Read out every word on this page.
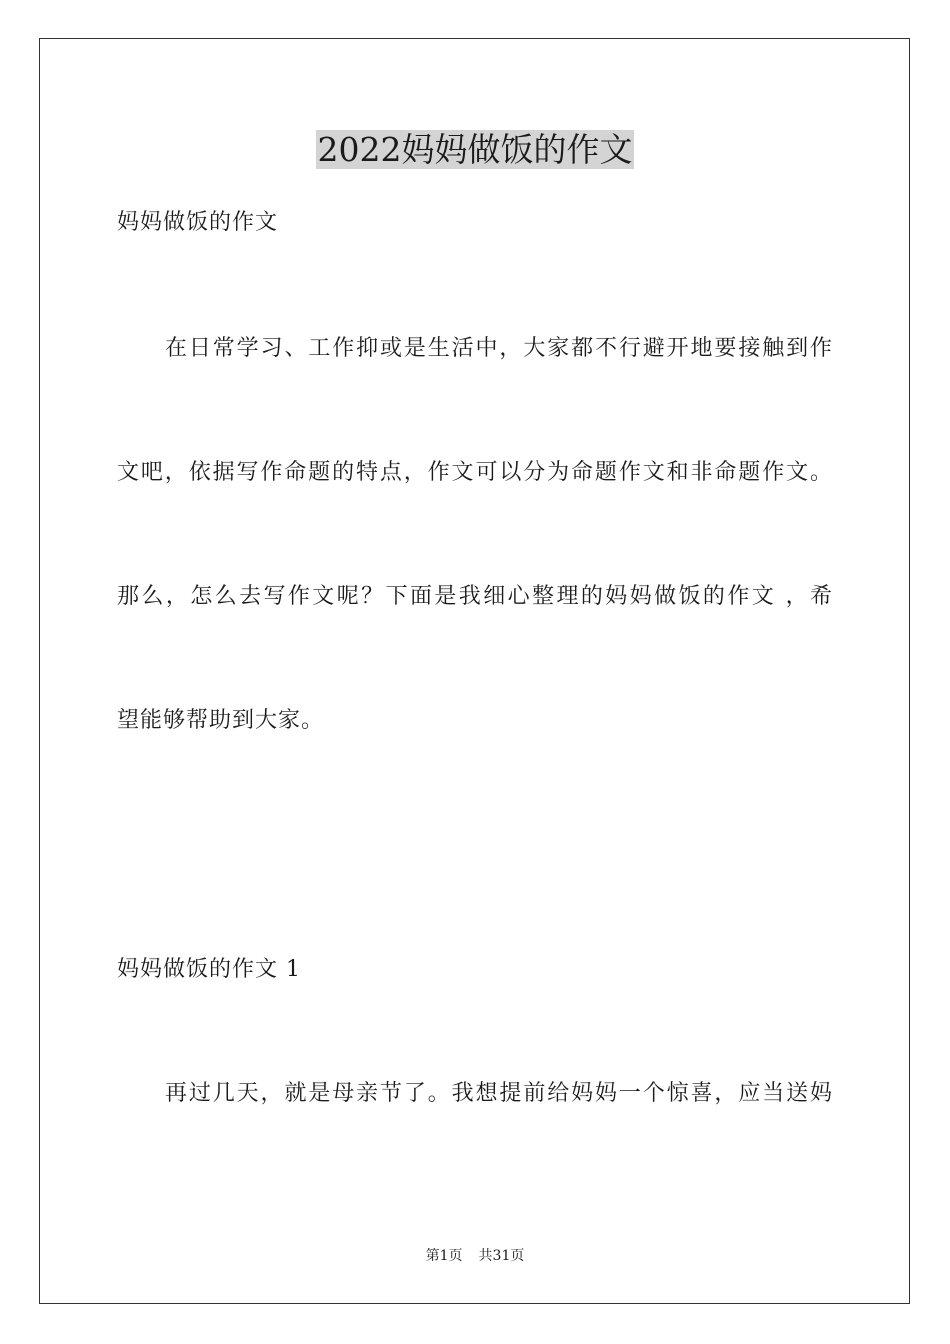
2022妈妈做饭的作文
妈妈做饭的作文
在日常学习、工作抑或是生活中，大家都不行避开地要接触到作
文吧，依据写作命题的特点，作文可以分为命题作文和非命题作文。
那么，怎么去写作文呢？下面是我细心整理的妈妈做饭的作文 ，希
望能够帮助到大家。
妈妈做饭的作文 1
再过几天，就是母亲节了。我想提前给妈妈一个惊喜，应当送妈
第1页 共31页
